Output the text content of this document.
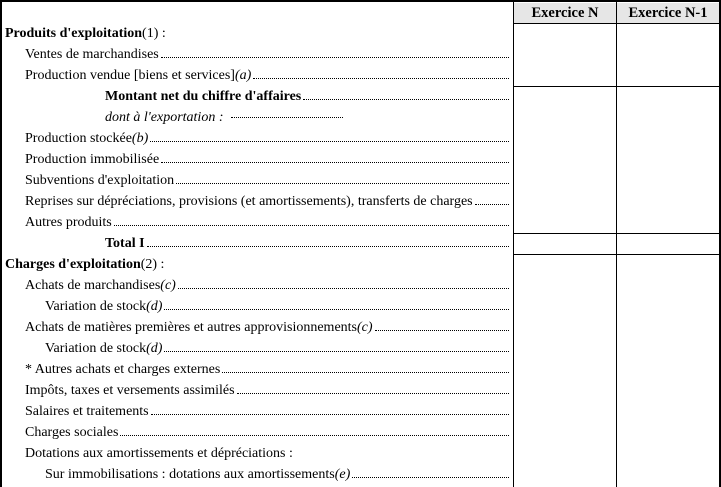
Exercice N	Exercice N-1
Produits d'exploitation (1) :
Ventes de marchandises
Production vendue [biens et services] (a)
Montant net du chiffre d'affaires
dont à l'exportation :
Production stockée (b)
Production immobilisée
Subventions d'exploitation
Reprises sur dépréciations, provisions (et amortissements), transferts de charges
Autres produits
Total I
Charges d'exploitation (2) :
Achats de marchandises (c)
Variation de stock (d)
Achats de matières premières et autres approvisionnements (c)
Variation de stock (d)
* Autres achats et charges externes
Impôts, taxes et versements assimilés
Salaires et traitements
Charges sociales
Dotations aux amortissements et dépréciations :
Sur immobilisations : dotations aux amortissements (e)
